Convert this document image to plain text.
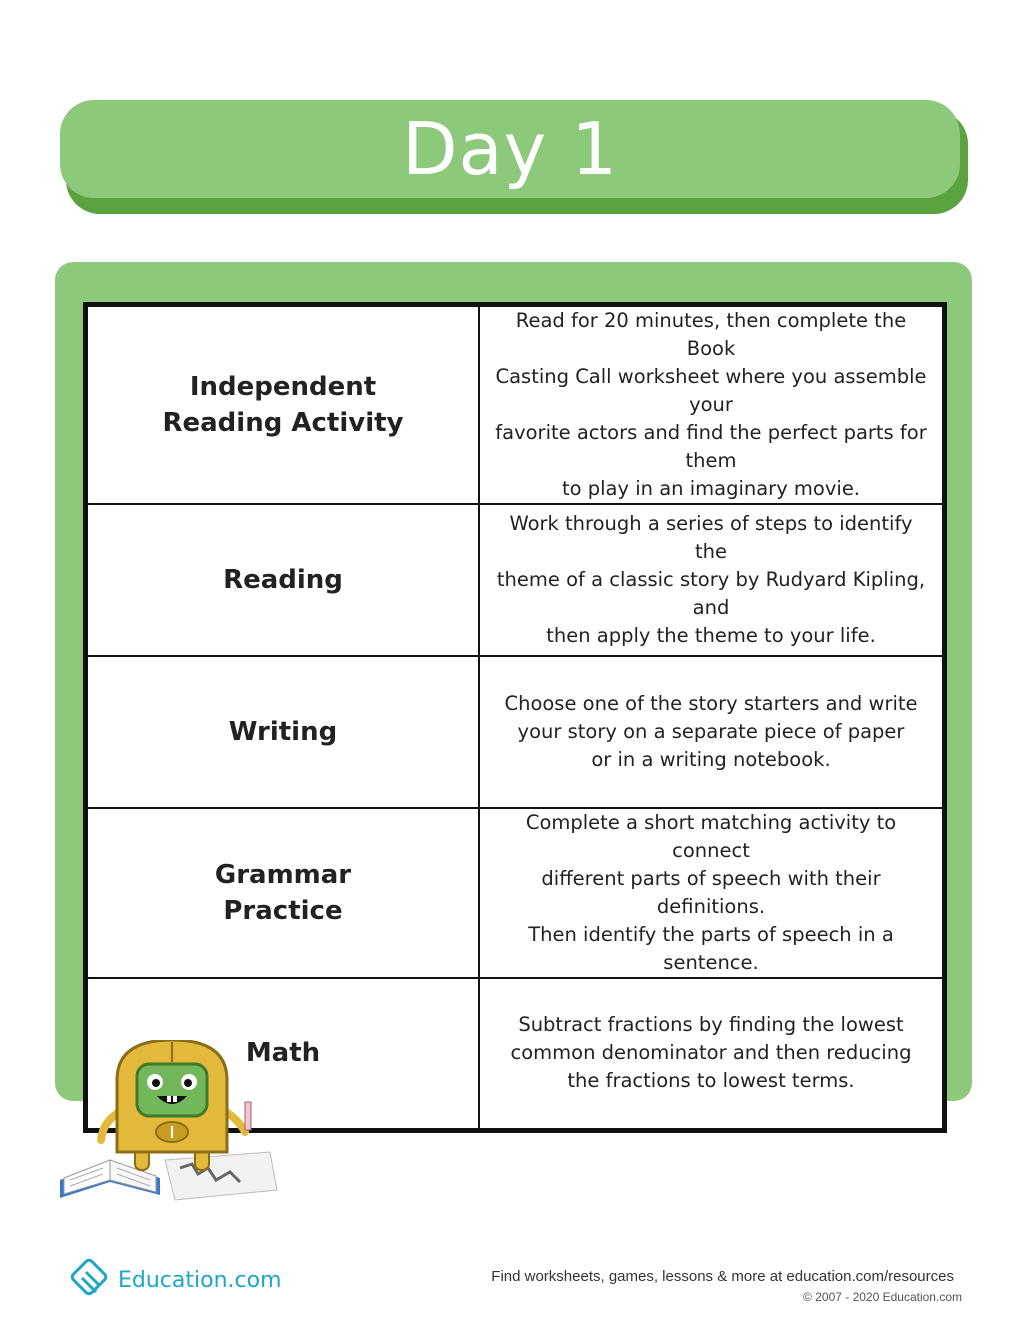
Day 1
Independent
Reading Activity	Read for 20 minutes, then complete the Book
Casting Call worksheet where you assemble your
favorite actors and find the perfect parts for them
to play in an imaginary movie.
Reading	Work through a series of steps to identify the
theme of a classic story by Rudyard Kipling, and
then apply the theme to your life.
Writing	Choose one of the story starters and write
your story on a separate piece of paper
or in a writing notebook.
Grammar
Practice	Complete a short matching activity to connect
different parts of speech with their definitions.
Then identify the parts of speech in a sentence.
Math	Subtract fractions by finding the lowest
common denominator and then reducing
the fractions to lowest terms.
Education.com	Find worksheets, games, lessons & more at education.com/resources
© 2007 - 2020 Education.com
